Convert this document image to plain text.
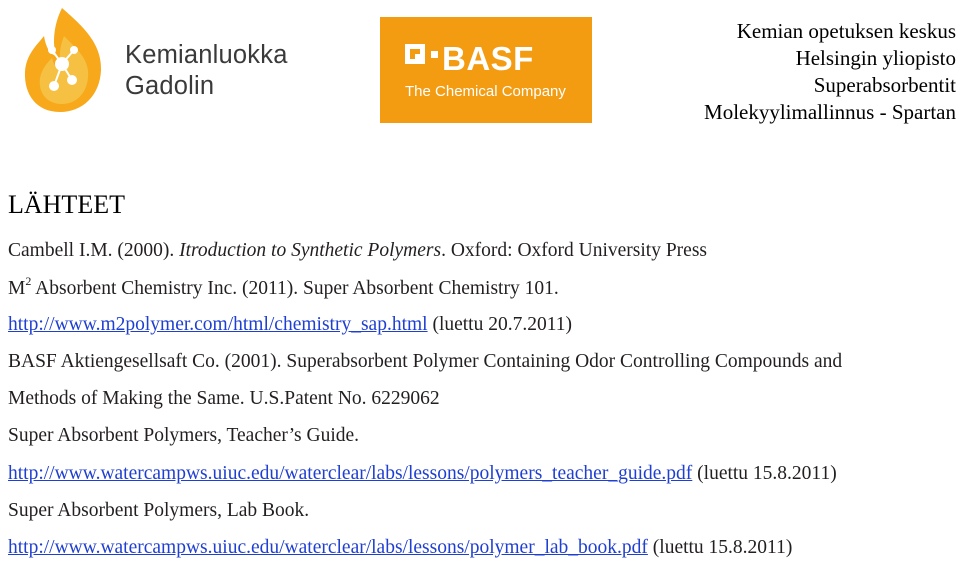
Kemianluokka
Gadolin
BASF
The Chemical Company
Kemian opetuksen keskus
Helsingin yliopisto
Superabsorbentit
Molekyylimallinnus - Spartan
LÄHTEET
Cambell I.M. (2000). Itroduction to Synthetic Polymers. Oxford: Oxford University Press
$M^2$ Absorbent Chemistry Inc. (2011). Super Absorbent Chemistry 101.
http://www.m2polymer.com/html/chemistry_sap.html (luettu 20.7.2011)
BASF Aktiengesellsaft Co. (2001). Superabsorbent Polymer Containing Odor Controlling Compounds and
Methods of Making the Same. U.S.Patent No. 6229062
Super Absorbent Polymers, Teacher’s Guide.
http://www.watercampws.uiuc.edu/waterclear/labs/lessons/polymers_teacher_guide.pdf (luettu 15.8.2011)
Super Absorbent Polymers, Lab Book.
http://www.watercampws.uiuc.edu/waterclear/labs/lessons/polymer_lab_book.pdf (luettu 15.8.2011)
